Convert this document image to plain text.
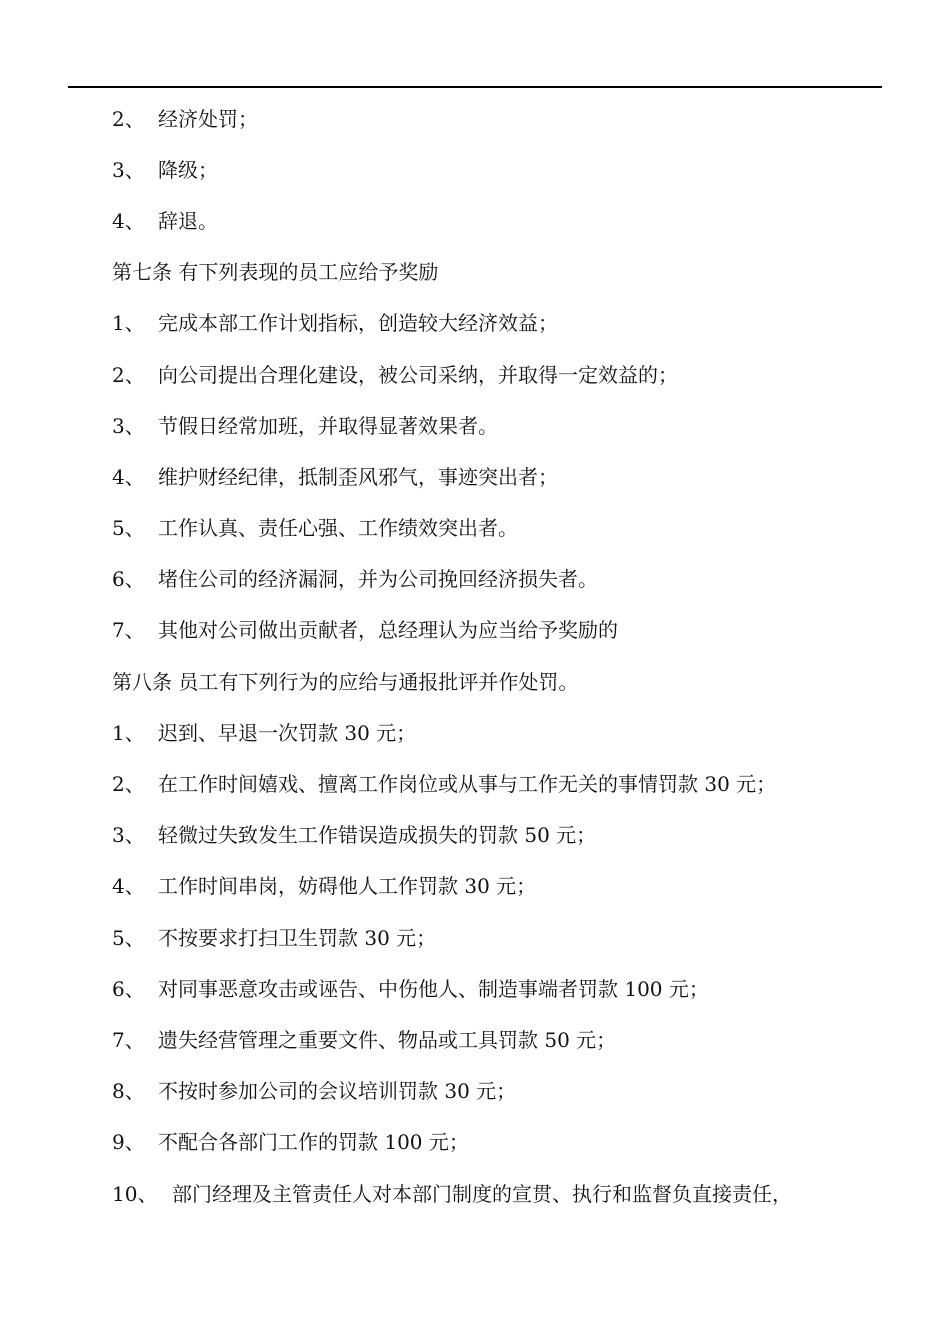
2、 经济处罚；
3、 降级；
4、 辞退。
第七条 有下列表现的员工应给予奖励
1、 完成本部工作计划指标，创造较大经济效益；
2、 向公司提出合理化建设，被公司采纳，并取得一定效益的；
3、 节假日经常加班，并取得显著效果者。
4、 维护财经纪律，抵制歪风邪气，事迹突出者；
5、 工作认真、责任心强、工作绩效突出者。
6、 堵住公司的经济漏洞，并为公司挽回经济损失者。
7、 其他对公司做出贡献者，总经理认为应当给予奖励的
第八条 员工有下列行为的应给与通报批评并作处罚。
1、 迟到、早退一次罚款 30 元；
2、 在工作时间嬉戏、擅离工作岗位或从事与工作无关的事情罚款 30 元；
3、 轻微过失致发生工作错误造成损失的罚款 50 元；
4、 工作时间串岗，妨碍他人工作罚款 30 元；
5、 不按要求打扫卫生罚款 30 元；
6、 对同事恶意攻击或诬告、中伤他人、制造事端者罚款 100 元；
7、 遗失经营管理之重要文件、物品或工具罚款 50 元；
8、 不按时参加公司的会议培训罚款 30 元；
9、 不配合各部门工作的罚款 100 元；
10、 部门经理及主管责任人对本部门制度的宣贯、执行和监督负直接责任，
